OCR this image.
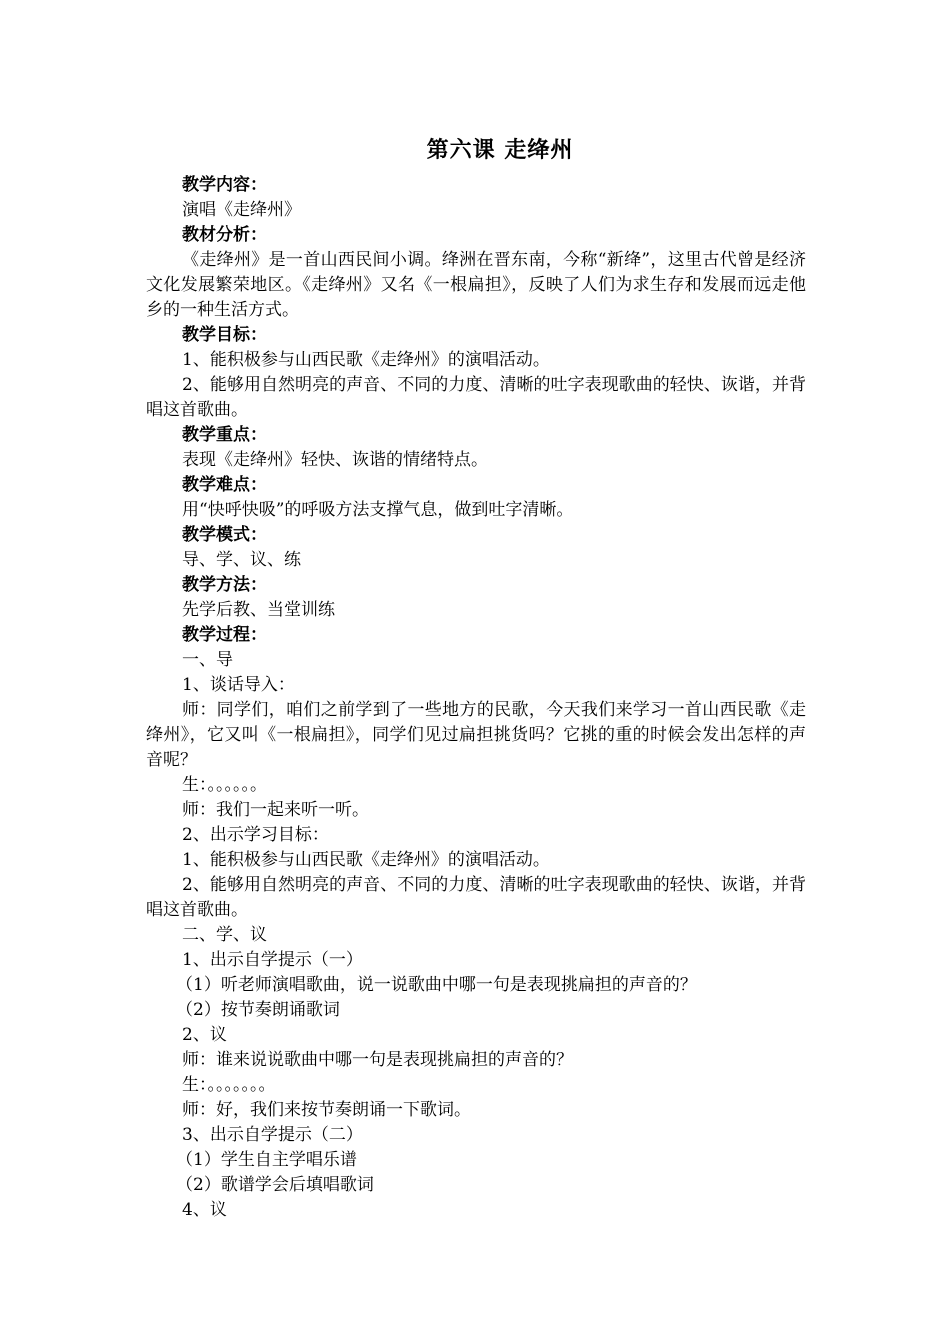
第六课 走绛州
教学内容：
演唱《走绛州》
教材分析：
《走绛州》是一首山西民间小调。绛洲在晋东南，今称“新绛”，这里古代曾是经济文化发展繁荣地区。《走绛州》又名《一根扁担》，反映了人们为求生存和发展而远走他乡的一种生活方式。
教学目标：
1、能积极参与山西民歌《走绛州》的演唱活动。
2、能够用自然明亮的声音、不同的力度、清晰的吐字表现歌曲的轻快、诙谐，并背唱这首歌曲。
教学重点：
表现《走绛州》轻快、诙谐的情绪特点。
教学难点：
用“快呼快吸”的呼吸方法支撑气息，做到吐字清晰。
教学模式：
导、学、议、练
教学方法：
先学后教、当堂训练
教学过程：
一、导
1、谈话导入：
师：同学们，咱们之前学到了一些地方的民歌，今天我们来学习一首山西民歌《走绛州》，它又叫《一根扁担》，同学们见过扁担挑货吗？它挑的重的时候会发出怎样的声音呢？
生：。。。。。。
师：我们一起来听一听。
2、出示学习目标：
1、能积极参与山西民歌《走绛州》的演唱活动。
2、能够用自然明亮的声音、不同的力度、清晰的吐字表现歌曲的轻快、诙谐，并背唱这首歌曲。
二、学、议
1、出示自学提示（一）
（1）听老师演唱歌曲，说一说歌曲中哪一句是表现挑扁担的声音的？
（2）按节奏朗诵歌词
2、议
师：谁来说说歌曲中哪一句是表现挑扁担的声音的？
生：。。。。。。。
师：好，我们来按节奏朗诵一下歌词。
3、出示自学提示（二）
（1）学生自主学唱乐谱
（2）歌谱学会后填唱歌词
4、议
